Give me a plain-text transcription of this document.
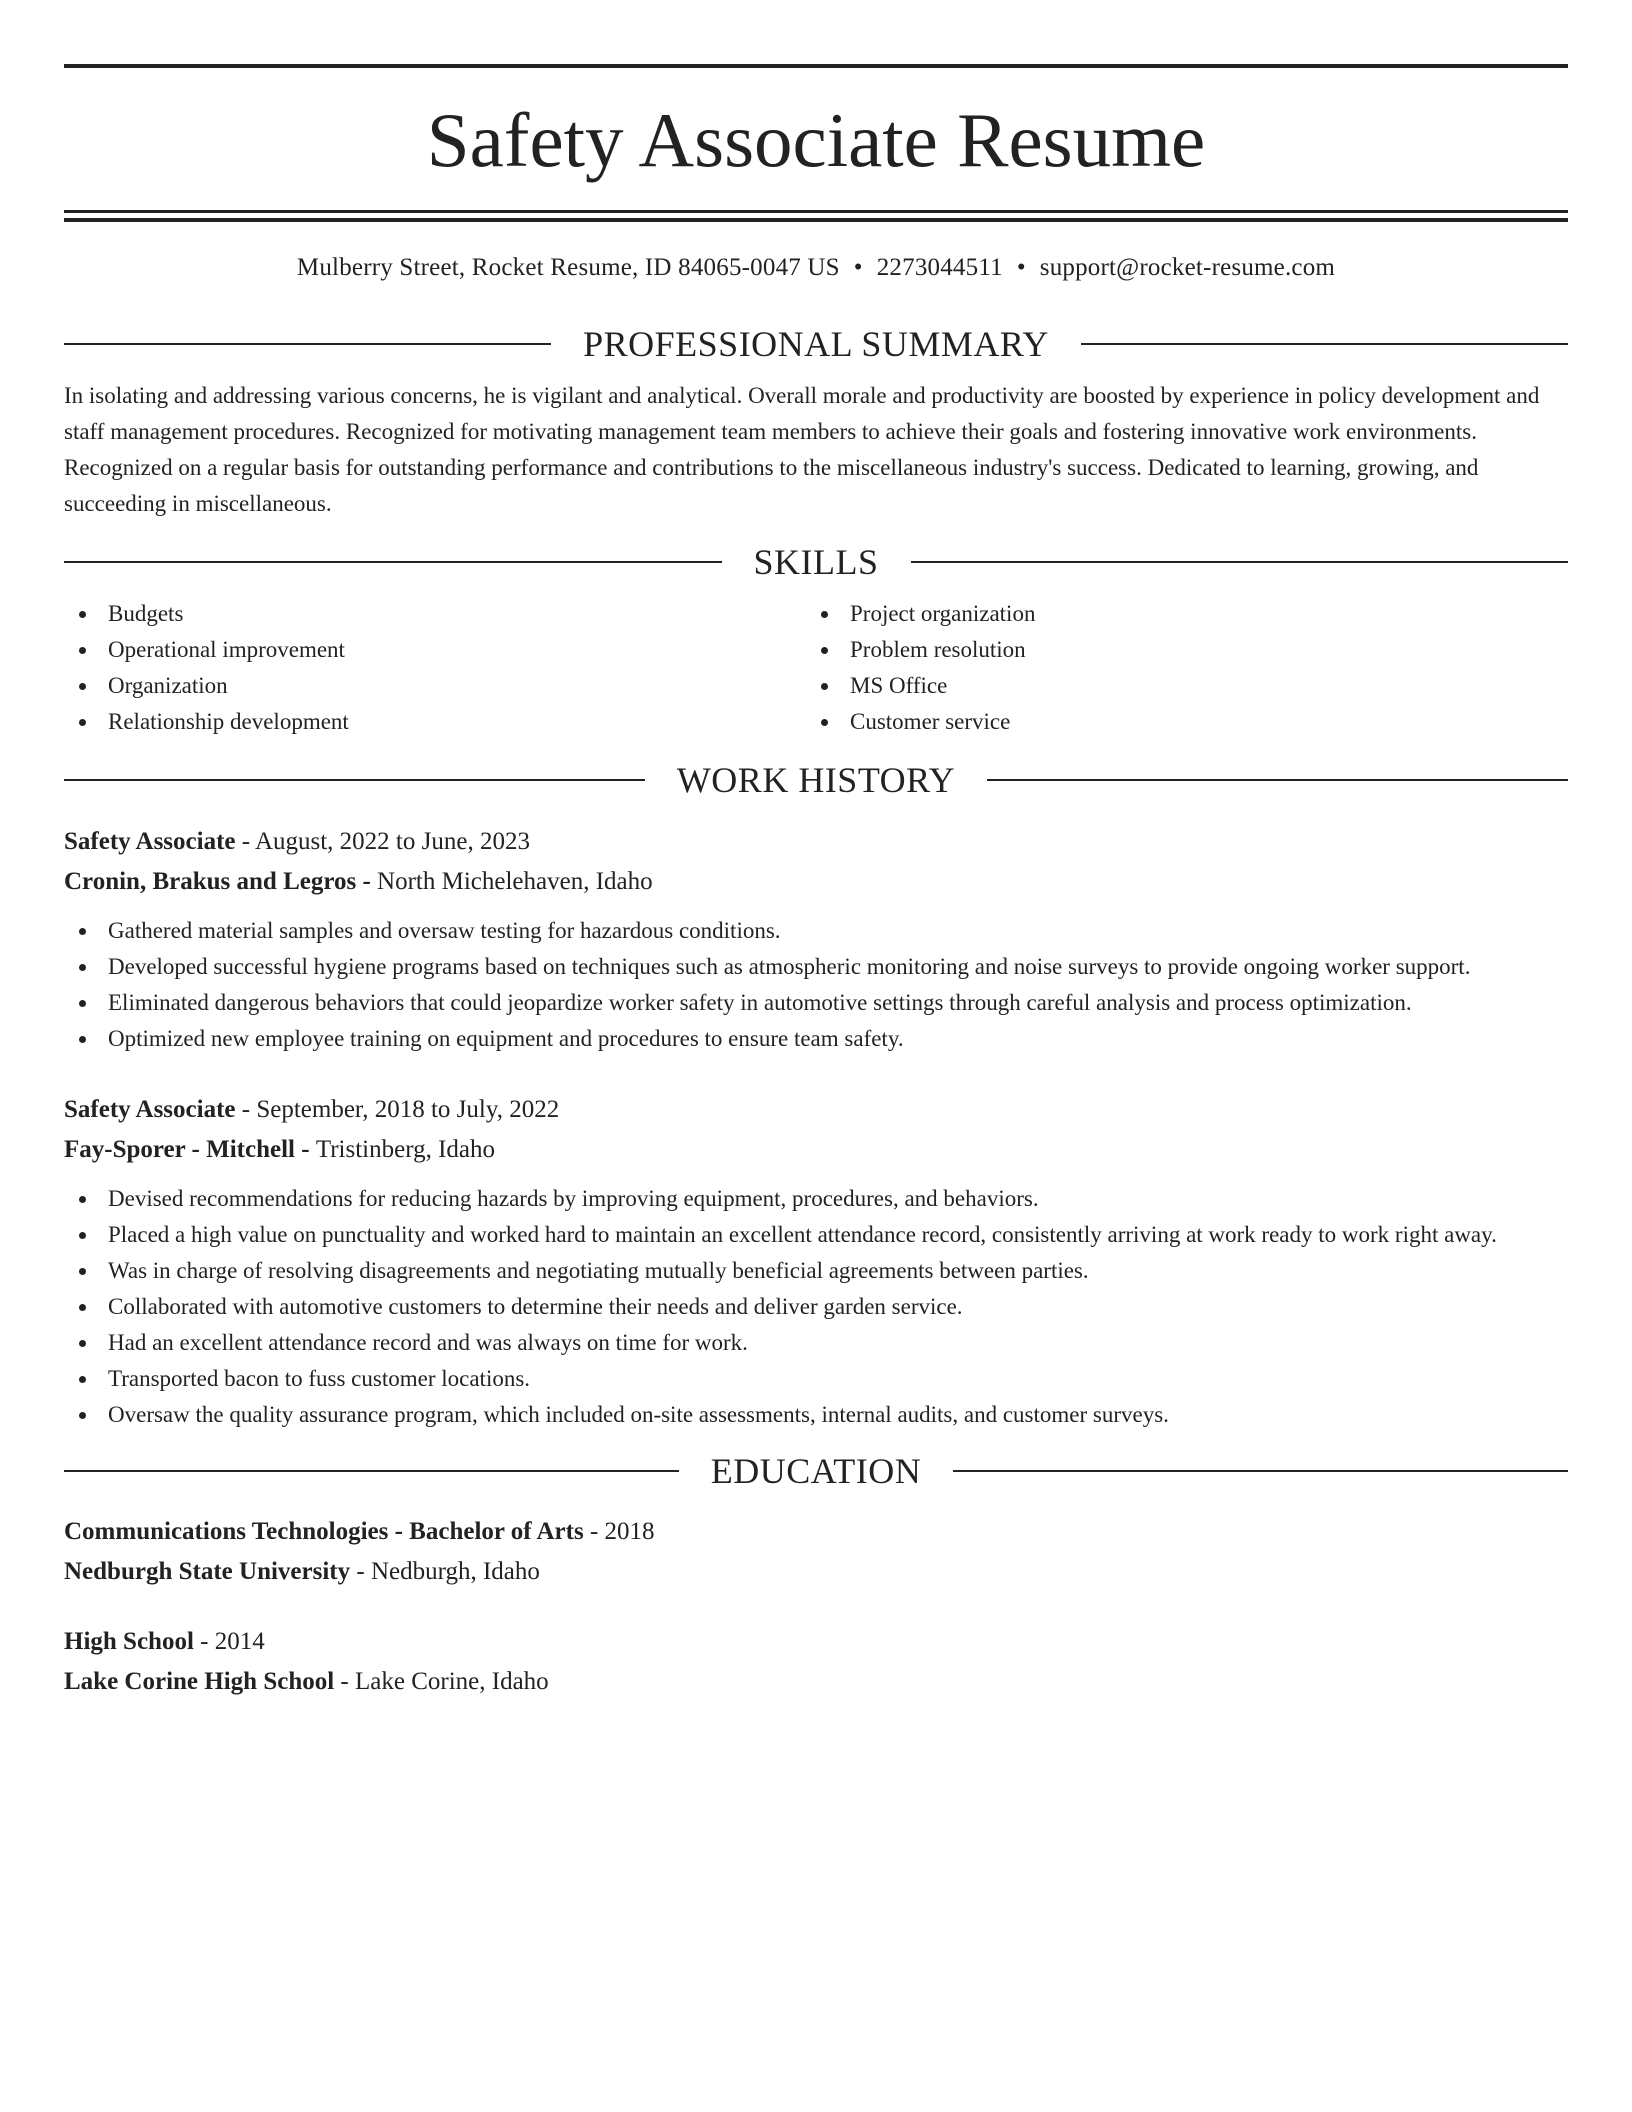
Safety Associate Resume
Mulberry Street, Rocket Resume, ID 84065-0047 US • 2273044511 • support@rocket-resume.com
PROFESSIONAL SUMMARY
In isolating and addressing various concerns, he is vigilant and analytical. Overall morale and productivity are boosted by experience in policy development and staff management procedures. Recognized for motivating management team members to achieve their goals and fostering innovative work environments. Recognized on a regular basis for outstanding performance and contributions to the miscellaneous industry's success. Dedicated to learning, growing, and succeeding in miscellaneous.
SKILLS
Budgets
Operational improvement
Organization
Relationship development
Project organization
Problem resolution
MS Office
Customer service
WORK HISTORY
Safety Associate - August, 2022 to June, 2023
Cronin, Brakus and Legros - North Michelehaven, Idaho
Gathered material samples and oversaw testing for hazardous conditions.
Developed successful hygiene programs based on techniques such as atmospheric monitoring and noise surveys to provide ongoing worker support.
Eliminated dangerous behaviors that could jeopardize worker safety in automotive settings through careful analysis and process optimization.
Optimized new employee training on equipment and procedures to ensure team safety.
Safety Associate - September, 2018 to July, 2022
Fay-Sporer - Mitchell - Tristinberg, Idaho
Devised recommendations for reducing hazards by improving equipment, procedures, and behaviors.
Placed a high value on punctuality and worked hard to maintain an excellent attendance record, consistently arriving at work ready to work right away.
Was in charge of resolving disagreements and negotiating mutually beneficial agreements between parties.
Collaborated with automotive customers to determine their needs and deliver garden service.
Had an excellent attendance record and was always on time for work.
Transported bacon to fuss customer locations.
Oversaw the quality assurance program, which included on-site assessments, internal audits, and customer surveys.
EDUCATION
Communications Technologies - Bachelor of Arts - 2018
Nedburgh State University - Nedburgh, Idaho
High School - 2014
Lake Corine High School - Lake Corine, Idaho
